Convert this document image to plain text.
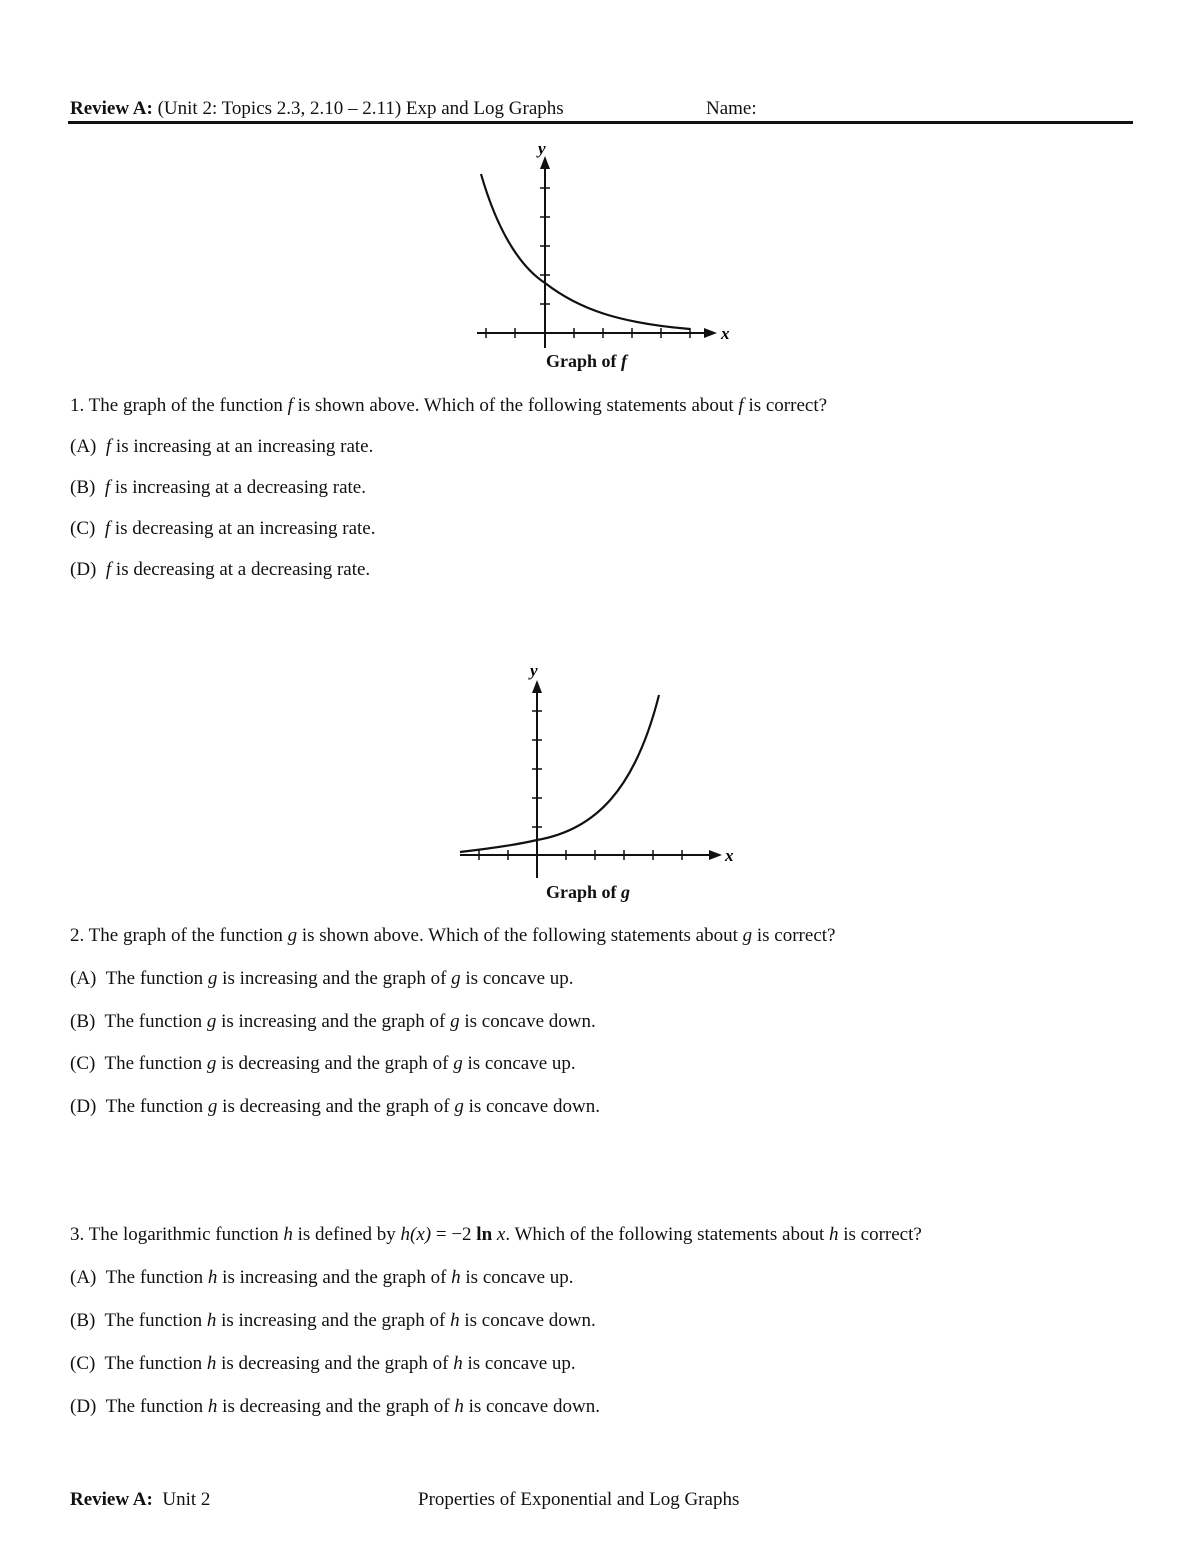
Review A: (Unit 2: Topics 2.3, 2.10 – 2.11) Exp and Log Graphs	Name:
y
x
Graph of f
1. The graph of the function f is shown above. Which of the following statements about f is correct?
(A) f is increasing at an increasing rate.
(B) f is increasing at a decreasing rate.
(C) f is decreasing at an increasing rate.
(D) f is decreasing at a decreasing rate.
y
x
Graph of g
2. The graph of the function g is shown above. Which of the following statements about g is correct?
(A) The function g is increasing and the graph of g is concave up.
(B) The function g is increasing and the graph of g is concave down.
(C) The function g is decreasing and the graph of g is concave up.
(D) The function g is decreasing and the graph of g is concave down.
3. The logarithmic function h is defined by h(x) = −2 ln x. Which of the following statements about h is correct?
(A) The function h is increasing and the graph of h is concave up.
(B) The function h is increasing and the graph of h is concave down.
(C) The function h is decreasing and the graph of h is concave up.
(D) The function h is decreasing and the graph of h is concave down.
Review A: Unit 2	Properties of Exponential and Log Graphs
